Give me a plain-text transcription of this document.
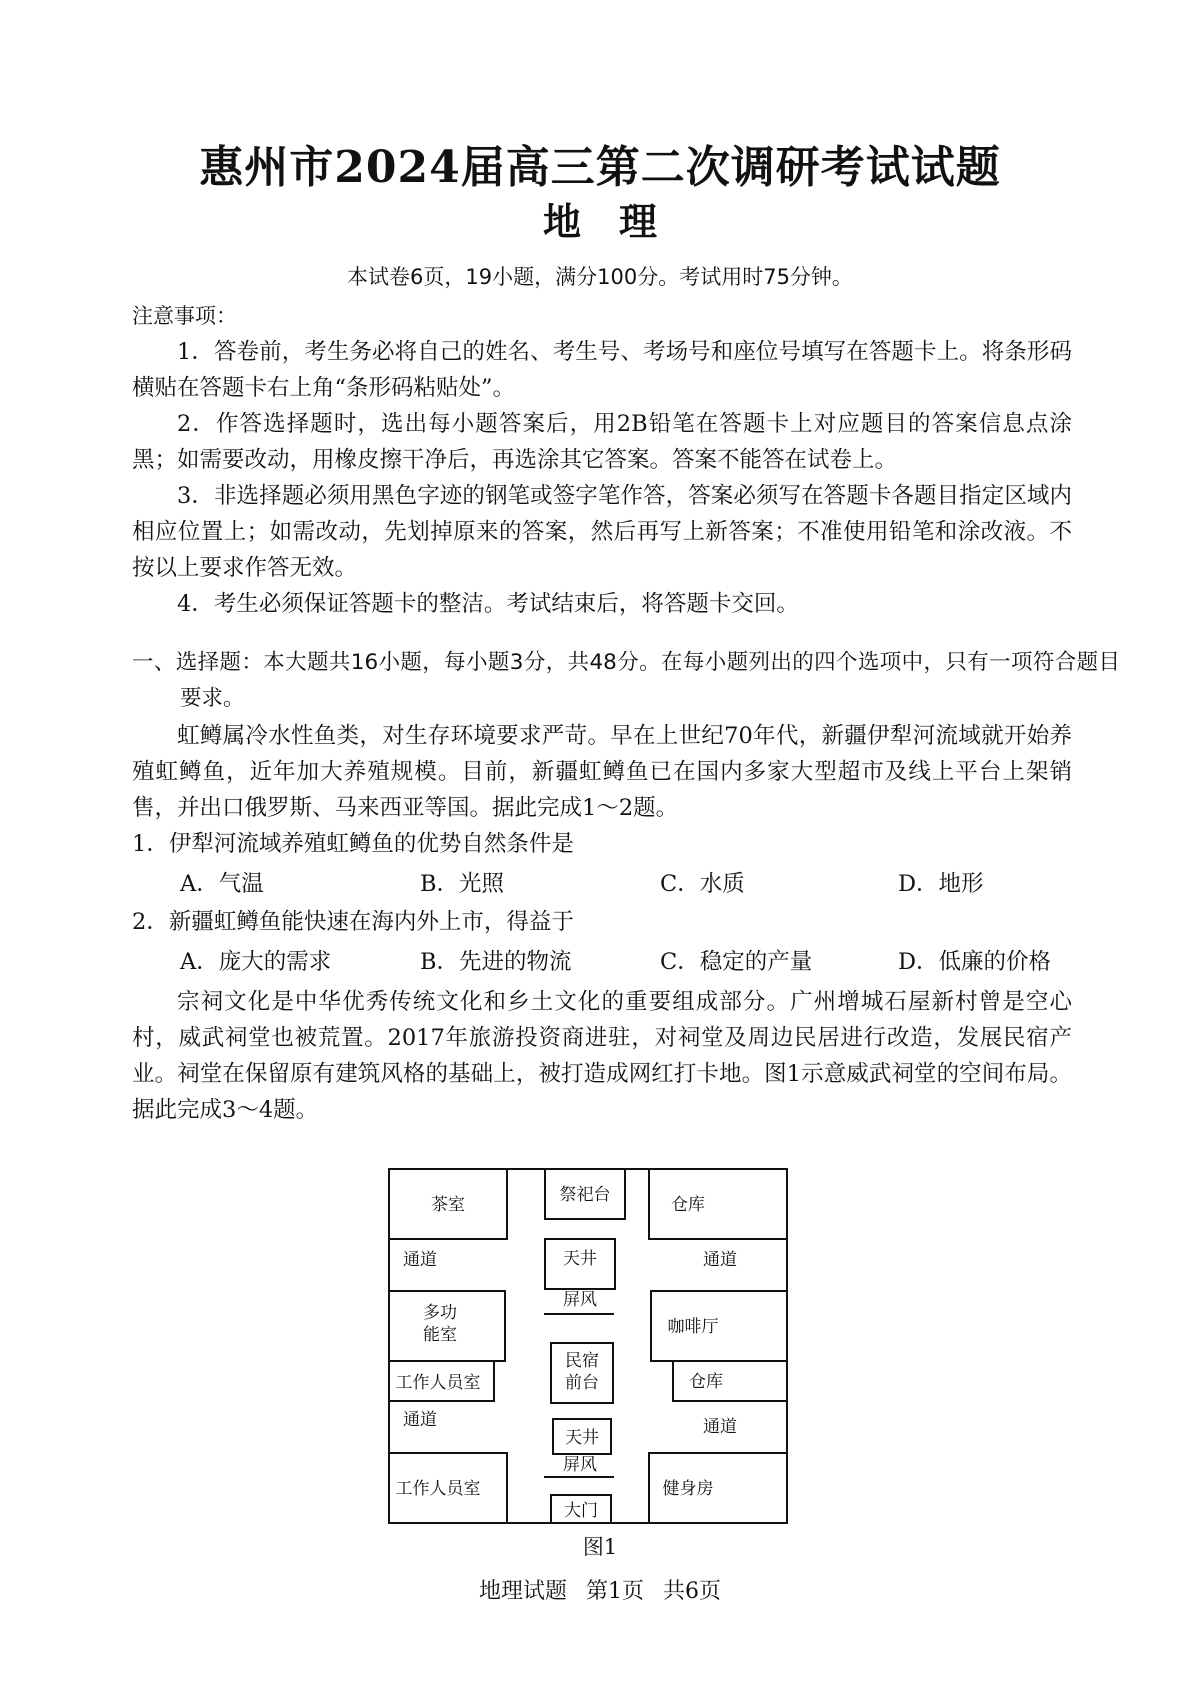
惠州市2024届高三第二次调研考试试题
地　理
本试卷6页，19小题，满分100分。考试用时75分钟。

注意事项：

1．答卷前，考生务必将自己的姓名、考生号、考场号和座位号填写在答题卡上。将条形码横贴在答题卡右上角“条形码粘贴处”。

2．作答选择题时，选出每小题答案后，用2B铅笔在答题卡上对应题目的答案信息点涂黑；如需要改动，用橡皮擦干净后，再选涂其它答案。答案不能答在试卷上。

3．非选择题必须用黑色字迹的钢笔或签字笔作答，答案必须写在答题卡各题目指定区域内相应位置上；如需改动，先划掉原来的答案，然后再写上新答案；不准使用铅笔和涂改液。不按以上要求作答无效。

4．考生必须保证答题卡的整洁。考试结束后，将答题卡交回。

一、选择题：本大题共16小题，每小题3分，共48分。在每小题列出的四个选项中，只有一项符合题目要求。

虹鳟属冷水性鱼类，对生存环境要求严苛。早在上世纪70年代，新疆伊犁河流域就开始养殖虹鳟鱼，近年加大养殖规模。目前，新疆虹鳟鱼已在国内多家大型超市及线上平台上架销售，并出口俄罗斯、马来西亚等国。据此完成1～2题。

1．伊犁河流域养殖虹鳟鱼的优势自然条件是

A．气温	B．光照	C．水质	D．地形

2．新疆虹鳟鱼能快速在海内外上市，得益于

A．庞大的需求	B．先进的物流	C．稳定的产量	D．低廉的价格

宗祠文化是中华优秀传统文化和乡土文化的重要组成部分。广州增城石屋新村曾是空心村，威武祠堂也被荒置。2017年旅游投资商进驻，对祠堂及周边民居进行改造，发展民宿产业。祠堂在保留原有建筑风格的基础上，被打造成网红打卡地。图1示意威武祠堂的空间布局。据此完成3～4题。

茶室	祭祀台	仓库
通道	天井	通道
屏风
多功
能室	咖啡厅
民宿
前台
工作人员室	仓库
通道
天井
通道
屏风
工作人员室	健身房
大门
图1
地理试题 第1页 共6页
